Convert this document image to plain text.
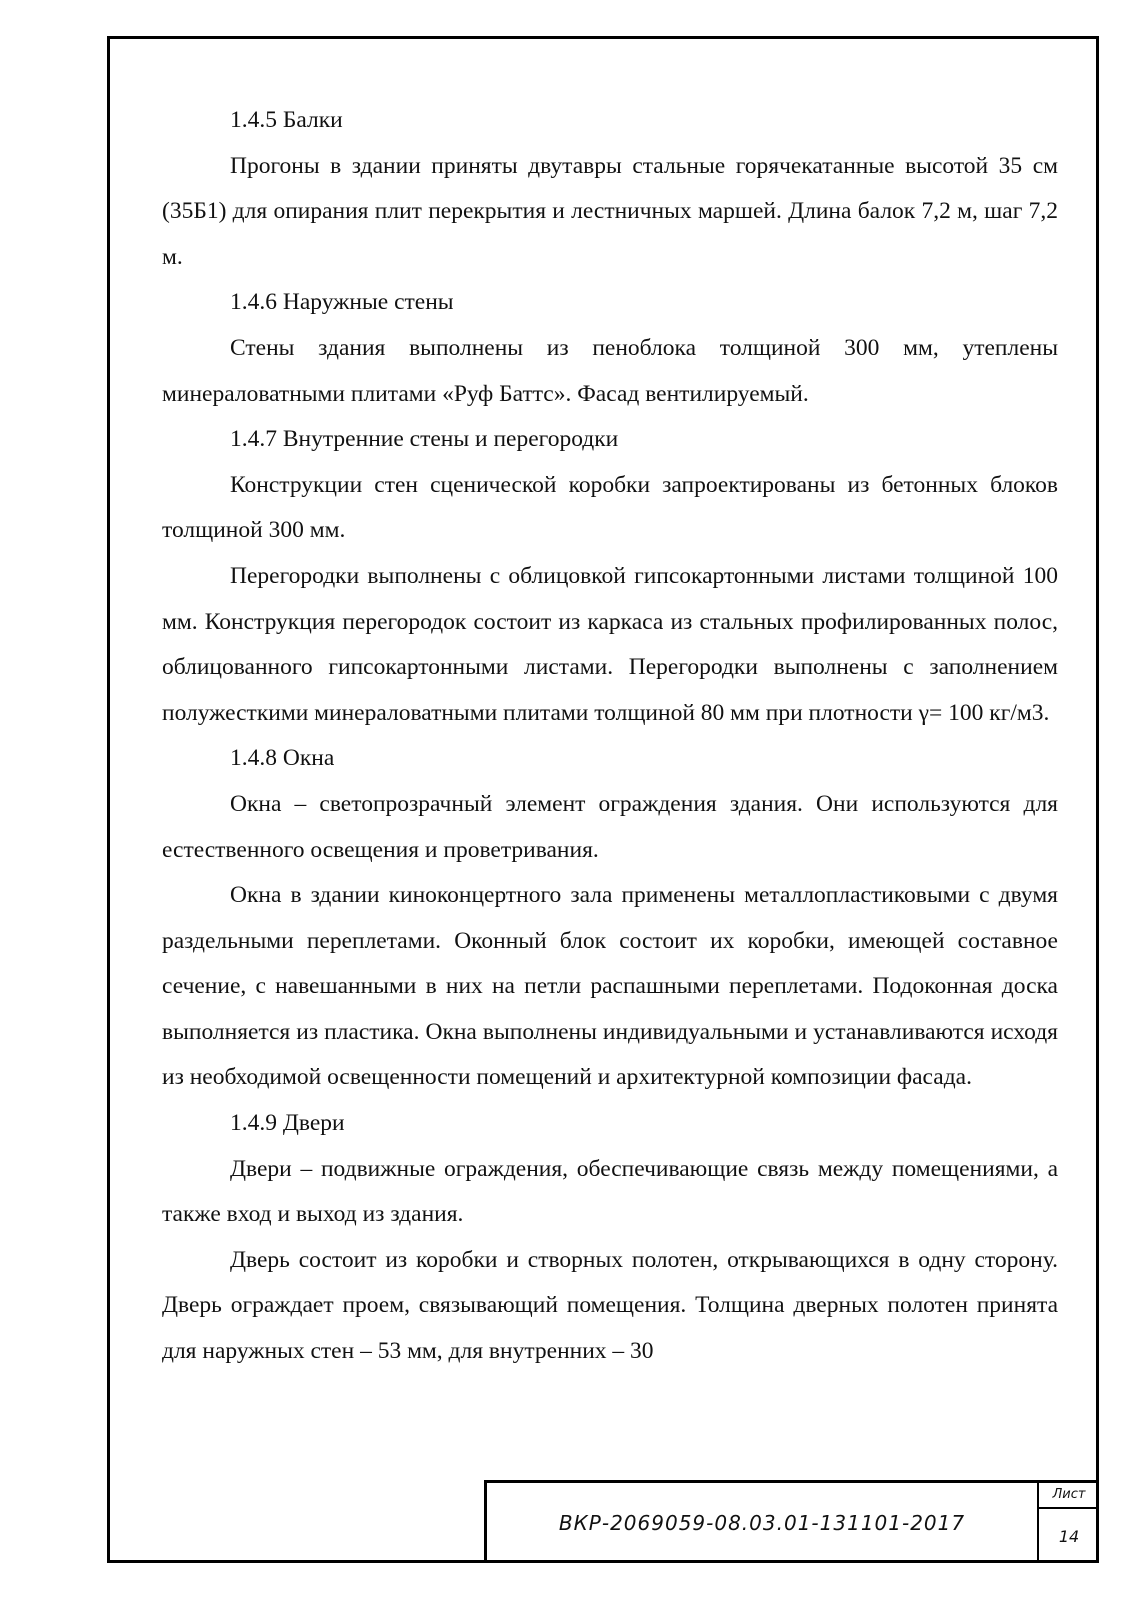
1.4.5 Балки

Прогоны в здании приняты двутавры стальные горячекатанные высотой 35 см (35Б1) для опирания плит перекрытия и лестничных маршей. Длина балок 7,2 м, шаг 7,2 м.

1.4.6 Наружные стены

Стены здания выполнены из пеноблока толщиной 300 мм, утеплены минераловатными плитами «Руф Баттс». Фасад вентилируемый.

1.4.7 Внутренние стены и перегородки

Конструкции стен сценической коробки запроектированы из бетонных блоков толщиной 300 мм.

Перегородки выполнены с облицовкой гипсокартонными листами толщиной 100 мм. Конструкция перегородок состоит из каркаса из стальных профилированных полос, облицованного гипсокартонными листами. Перегородки выполнены с заполнением полужесткими минераловатными плитами толщиной 80 мм при плотности γ= 100 кг/м3.

1.4.8 Окна

Окна – светопрозрачный элемент ограждения здания. Они используются для естественного освещения и проветривания.

Окна в здании киноконцертного зала применены металлопластиковыми с двумя раздельными переплетами. Оконный блок состоит их коробки, имеющей составное сечение, с навешанными в них на петли распашными переплетами. Подоконная доска выполняется из пластика. Окна выполнены индивидуальными и устанавливаются исходя из необходимой освещенности помещений и архитектурной композиции фасада.

1.4.9 Двери

Двери – подвижные ограждения, обеспечивающие связь между помещениями, а также вход и выход из здания.

Дверь состоит из коробки и створных полотен, открывающихся в одну сторону. Дверь ограждает проем, связывающий помещения. Толщина дверных полотен принята для наружных стен – 53 мм, для внутренних – 30

ВКР-2069059-08.03.01-131101-2017
Лист
14
